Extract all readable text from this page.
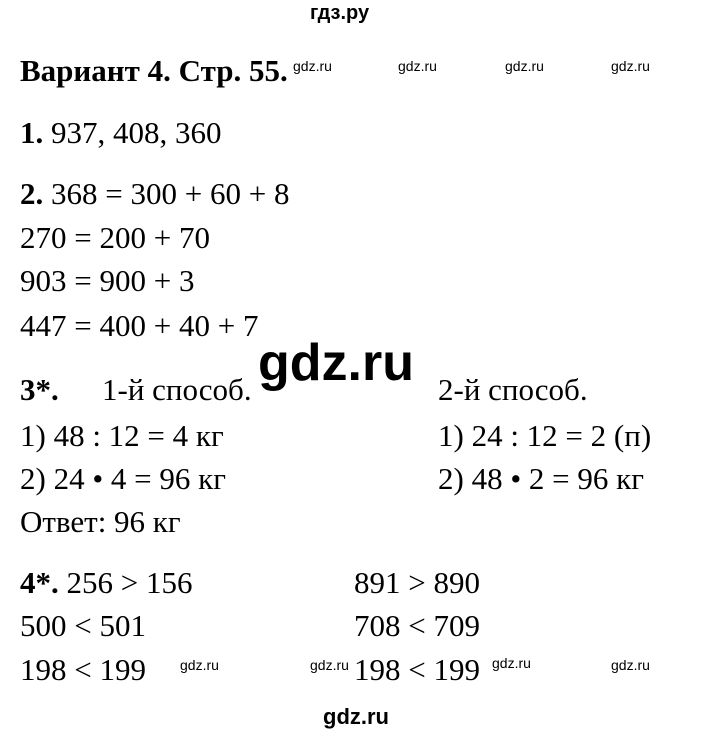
гдз.ру
Вариант 4. Стр. 55. gdz.ru	gdz.ru	gdz.ru	gdz.ru
1. 937, 408, 360
2. 368 = 300 + 60 + 8
270 = 200 + 70
903 = 900 + 3
447 = 400 + 40 + 7
gdz.ru
3*. 1-й способ.	2-й способ.
1) 48 : 12 = 4 кг	1) 24 : 12 = 2 (п)
2) 24 • 4 = 96 кг	2) 48 • 2 = 96 кг
Ответ: 96 кг
4*. 256 > 156	891 > 890
500 < 501	708 < 709
198 < 199	198 < 199
gdz.ru	gdz.ru	gdz.ru	gdz.ru
gdz.ru
